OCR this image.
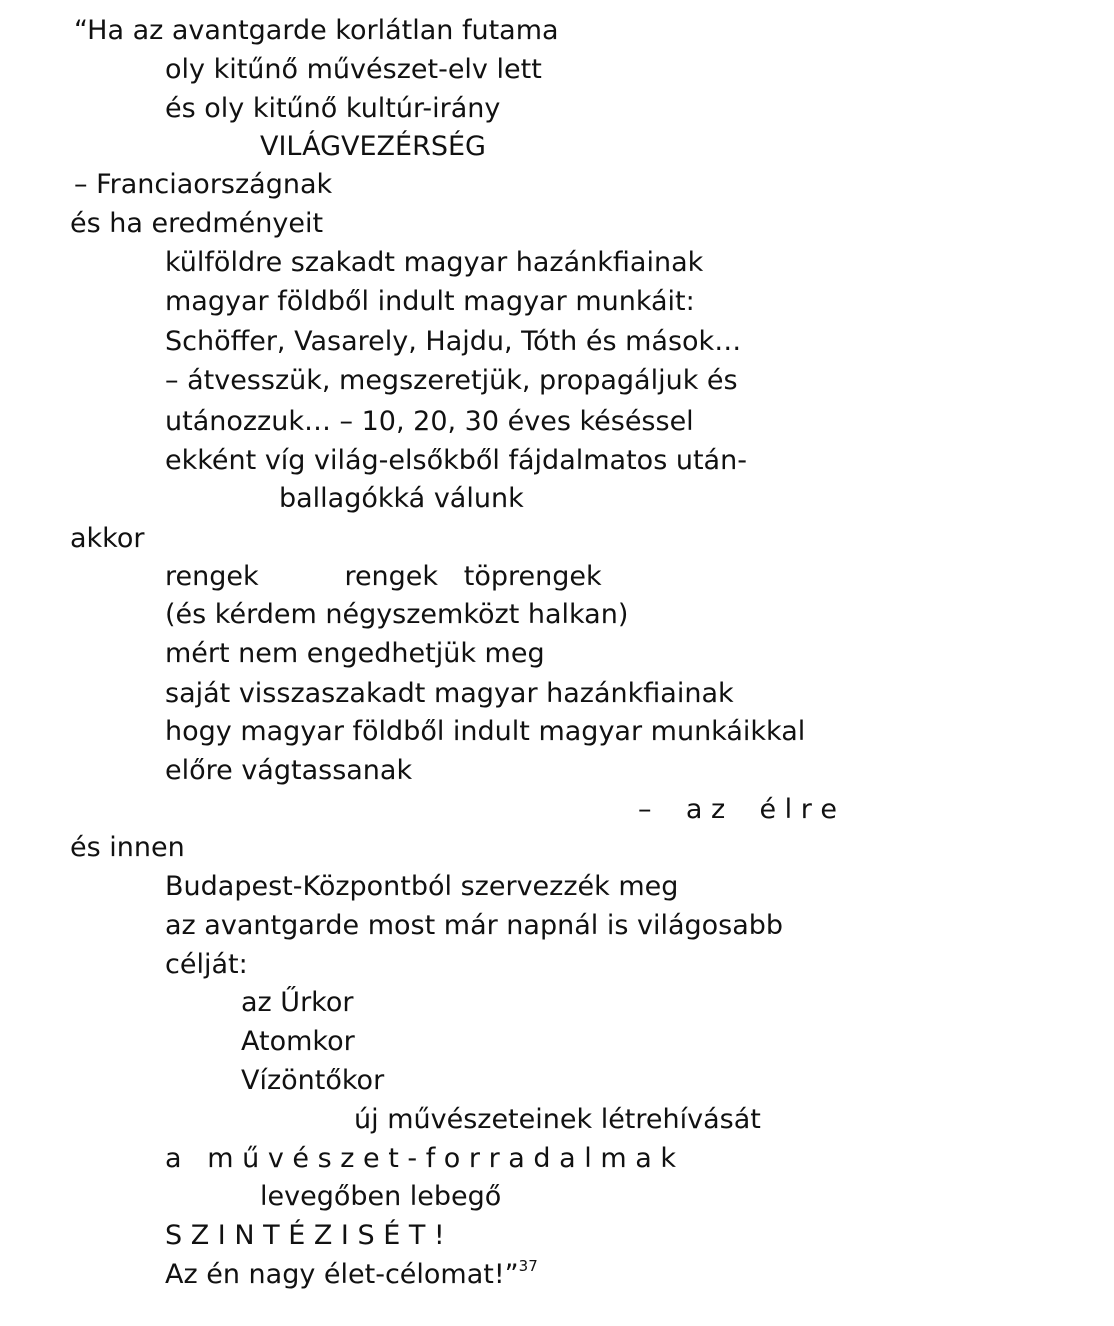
“Ha az avantgarde korlátlan futama
oly kitűnő művészet-elv lett
és oly kitűnő kultúr-irány
VILÁGVEZÉRSÉG
– Franciaországnak
és ha eredményeit
külföldre szakadt magyar hazánkfiainak
magyar földből indult magyar munkáit:
Schöffer, Vasarely, Hajdu, Tóth és mások…
– átvesszük, megszeretjük, propagáljuk és
utánozzuk… – 10, 20, 30 éves késéssel
ekként víg világ-elsőkből fájdalmatos után-
ballagókká válunk
akkor
rengek          rengek   töprengek
(és kérdem négyszemközt halkan)
mért nem engedhetjük meg
saját visszaszakadt magyar hazánkfiainak
hogy magyar földből indult magyar munkáikkal
előre vágtassanak
–    a z    é l r e
és innen
Budapest-Központból szervezzék meg
az avantgarde most már napnál is világosabb
célját:
az Űrkor
Atomkor
Vízöntőkor
új művészeteinek létrehívását
a   m ű v é s z e t - f o r r a d a l m a k
levegőben lebegő
S Z I N T É Z I S É T !
Az én nagy élet-célomat!”$^{37}$
